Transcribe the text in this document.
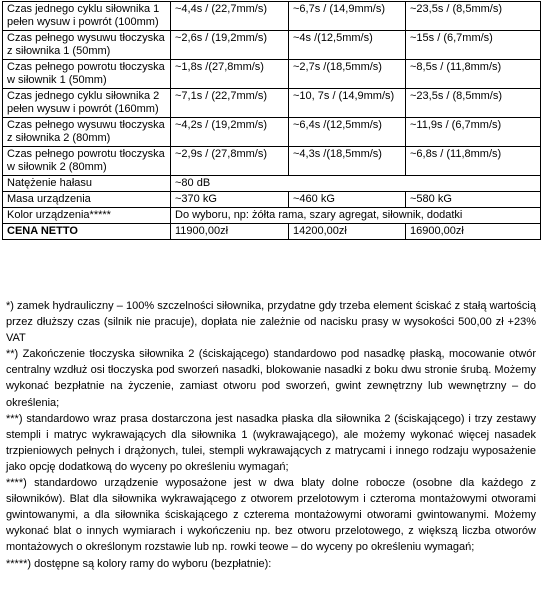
Czas jednego cyklu siłownika 1 pełen wysuw i powrót (100mm)	~4,4s / (22,7mm/s)	~6,7s / (14,9mm/s)	~23,5s / (8,5mm/s)
Czas pełnego wysuwu tłoczyska z siłownika 1 (50mm)	~2,6s / (19,2mm/s)	~4s /(12,5mm/s)	~15s / (6,7mm/s)
Czas pełnego powrotu tłoczyska w siłownik 1 (50mm)	~1,8s /(27,8mm/s)	~2,7s /(18,5mm/s)	~8,5s / (11,8mm/s)
Czas jednego cyklu siłownika 2 pełen wysuw i powrót (160mm)	~7,1s / (22,7mm/s)	~10, 7s / (14,9mm/s)	~23,5s / (8,5mm/s)
Czas pełnego wysuwu tłoczyska z siłownika 2 (80mm)	~4,2s / (19,2mm/s)	~6,4s /(12,5mm/s)	~11,9s / (6,7mm/s)
Czas pełnego powrotu tłoczyska w siłownik 2 (80mm)	~2,9s / (27,8mm/s)	~4,3s /(18,5mm/s)	~6,8s / (11,8mm/s)
Natężenie hałasu	~80 dB		
Masa urządzenia	~370 kG	~460 kG	~580 kG
Kolor urządzenia*****	Do wyboru, np: żółta rama, szary agregat, siłownik, dodatki		
CENA NETTO	11900,00zł	14200,00zł	16900,00zł

*) zamek hydrauliczny – 100% szczelności siłownika, przydatne gdy trzeba element ściskać z stałą wartością przez dłuższy czas (silnik nie pracuje), dopłata nie zależnie od nacisku prasy w wysokości 500,00 zł +23% VAT

**) Zakończenie tłoczyska siłownika 2 (ściskającego) standardowo pod nasadkę płaską, mocowanie otwór centralny wzdłuż osi tłoczyska pod sworzeń nasadki, blokowanie nasadki z boku dwu stronie śrubą. Możemy wykonać bezpłatnie na życzenie, zamiast otworu pod sworzeń, gwint zewnętrzny lub wewnętrzny – do określenia;

***) standardowo wraz prasa dostarczona jest nasadka płaska dla siłownika 2 (ściskającego) i trzy zestawy stempli i matryc wykrawających dla siłownika 1 (wykrawającego), ale możemy wykonać więcej nasadek trzpieniowych pełnych i drążonych, tulei, stempli wykrawających z matrycami i innego rodzaju wyposażenie jako opcję dodatkową do wyceny po określeniu wymagań;

****) standardowo urządzenie wyposażone jest w dwa blaty dolne robocze (osobne dla każdego z siłowników). Blat dla siłownika wykrawającego z otworem przelotowym i czteroma montażowymi otworami gwintowanymi, a dla siłownika ściskającego z czterema montażowymi otworami gwintowanymi. Możemy wykonać blat o innych wymiarach i wykończeniu np. bez otworu przelotowego, z większą liczba otworów montażowych o określonym rozstawie lub np. rowki teowe – do wyceny po określeniu wymagań;

*****) dostępne są kolory ramy do wyboru (bezpłatnie):
